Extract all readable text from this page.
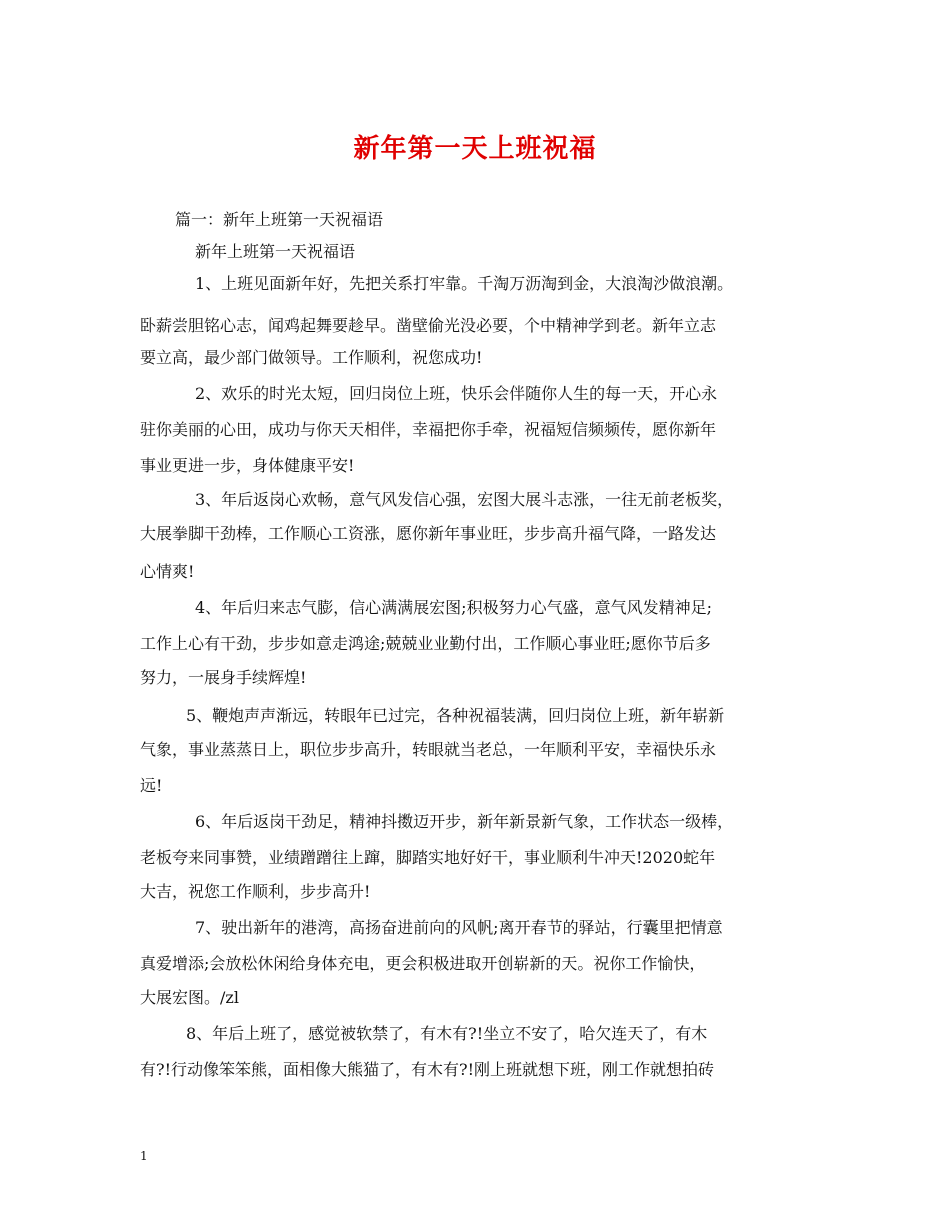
新年第一天上班祝福
篇一：新年上班第一天祝福语
新年上班第一天祝福语
1、上班见面新年好，先把关系打牢靠。千淘万沥淘到金，大浪淘沙做浪潮。
卧薪尝胆铭心志，闻鸡起舞要趁早。凿壁偷光没必要，个中精神学到老。新年立志
要立高，最少部门做领导。工作顺利，祝您成功!
2、欢乐的时光太短，回归岗位上班，快乐会伴随你人生的每一天，开心永
驻你美丽的心田，成功与你天天相伴，幸福把你手牵，祝福短信频频传，愿你新年
事业更进一步，身体健康平安!
3、年后返岗心欢畅，意气风发信心强，宏图大展斗志涨，一往无前老板奖，
大展拳脚干劲棒，工作顺心工资涨，愿你新年事业旺，步步高升福气降，一路发达
心情爽!
4、年后归来志气膨，信心满满展宏图;积极努力心气盛，意气风发精神足;
工作上心有干劲，步步如意走鸿途;兢兢业业勤付出，工作顺心事业旺;愿你节后多
努力，一展身手续辉煌!
5、鞭炮声声渐远，转眼年已过完，各种祝福装满，回归岗位上班，新年崭新
气象，事业蒸蒸日上，职位步步高升，转眼就当老总，一年顺利平安，幸福快乐永
远!
6、年后返岗干劲足，精神抖擞迈开步，新年新景新气象，工作状态一级棒，
老板夸来同事赞，业绩蹭蹭往上蹿，脚踏实地好好干，事业顺利牛冲天!2020蛇年
大吉，祝您工作顺利，步步高升!
7、驶出新年的港湾，高扬奋进前向的风帆;离开春节的驿站，行囊里把情意
真爱增添;会放松休闲给身体充电，更会积极进取开创崭新的天。祝你工作愉快，
大展宏图。/zl
8、年后上班了，感觉被软禁了，有木有?!坐立不安了，哈欠连天了，有木
有?!行动像笨笨熊，面相像大熊猫了，有木有?!刚上班就想下班，刚工作就想拍砖
1
